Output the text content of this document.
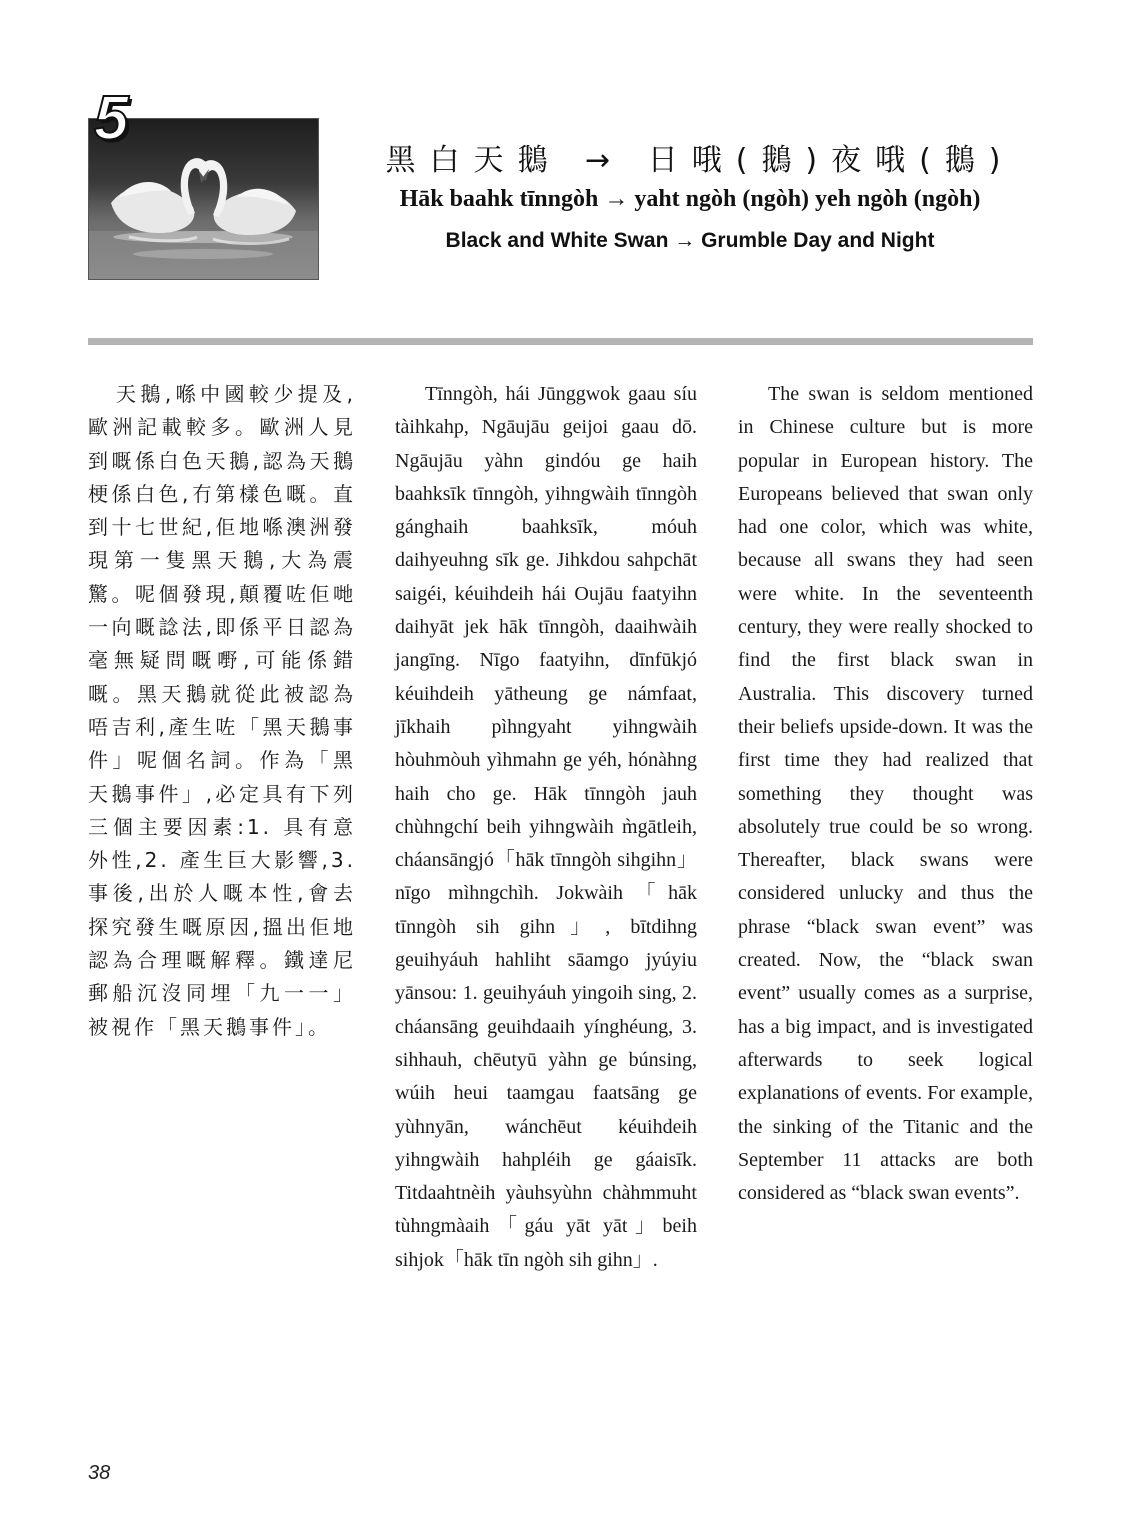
5
黑白天鵝 → 日哦(鵝)夜哦(鵝)
Hāk baahk tīnngòh → yaht ngòh (ngòh) yeh ngòh (ngòh)
Black and White Swan → Grumble Day and Night
天鵝,喺中國較少提及,歐洲記載較多。歐洲人見到嘅係白色天鵝,認為天鵝梗係白色,冇第樣色嘅。直到十七世紀,佢地喺澳洲發現第一隻黑天鵝,大為震驚。呢個發現,顛覆咗佢哋一向嘅諗法,即係平日認為毫無疑問嘅嘢,可能係錯嘅。黑天鵝就從此被認為唔吉利,產生咗「黑天鵝事件」呢個名詞。作為「黑天鵝事件」,必定具有下列三個主要因素:1. 具有意外性,2. 產生巨大影響,3. 事後,出於人嘅本性,會去探究發生嘅原因,搵出佢地認為合理嘅解釋。鐵達尼郵船沉沒同埋「九一一」被視作「黑天鵝事件」。
Tīnngòh, hái Jūnggwok gaau síu tàihkahp, Ngāujāu geijoi gaau dō. Ngāujāu yàhn gindóu ge haih baahksīk tīnngòh, yihngwàih tīnngòh gánghaih baahksīk, móuh daihyeuhng sīk ge. Jihkdou sahpchāt saigéi, kéuihdeih hái Oujāu faatyihn daihyāt jek hāk tīnngòh, daaihwàih jangīng. Nīgo faatyihn, dīnfūkjó kéuihdeih yātheung ge námfaat, jīkhaih pìhngyaht yihngwàih hòuhmòuh yìhmahn ge yéh, hónàhng haih cho ge. Hāk tīnngòh jauh chùhngchí beih yihngwàih m̀gātleih, cháansāngjó「hāk tīnngòh sihgihn」nīgo mìhngchìh. Jokwàih「hāk tīnngòh sih gihn」, bītdihng geuihyáuh hahliht sāamgo jyúyiu yānsou: 1. geuihyáuh yingoih sing, 2. cháansāng geuihdaaih yínghéung, 3. sihhauh, chēutyū yàhn ge búnsing, wúih heui taamgau faatsāng ge yùhnyān, wánchēut kéuihdeih yihngwàih hahpléih ge gáaisīk. Titdaahtnèih yàuhsyùhn chàhmmuht tùhngmàaih「gáu yāt yāt」beih sihjok「hāk tīn ngòh sih gihn」.
The swan is seldom mentioned in Chinese culture but is more popular in European history. The Europeans believed that swan only had one color, which was white, because all swans they had seen were white. In the seventeenth century, they were really shocked to find the first black swan in Australia. This discovery turned their beliefs upside-down. It was the first time they had realized that something they thought was absolutely true could be so wrong. Thereafter, black swans were considered unlucky and thus the phrase “black swan event” was created. Now, the “black swan event” usually comes as a surprise, has a big impact, and is investigated afterwards to seek logical explanations of events. For example, the sinking of the Titanic and the September 11 attacks are both considered as “black swan events”.
38
